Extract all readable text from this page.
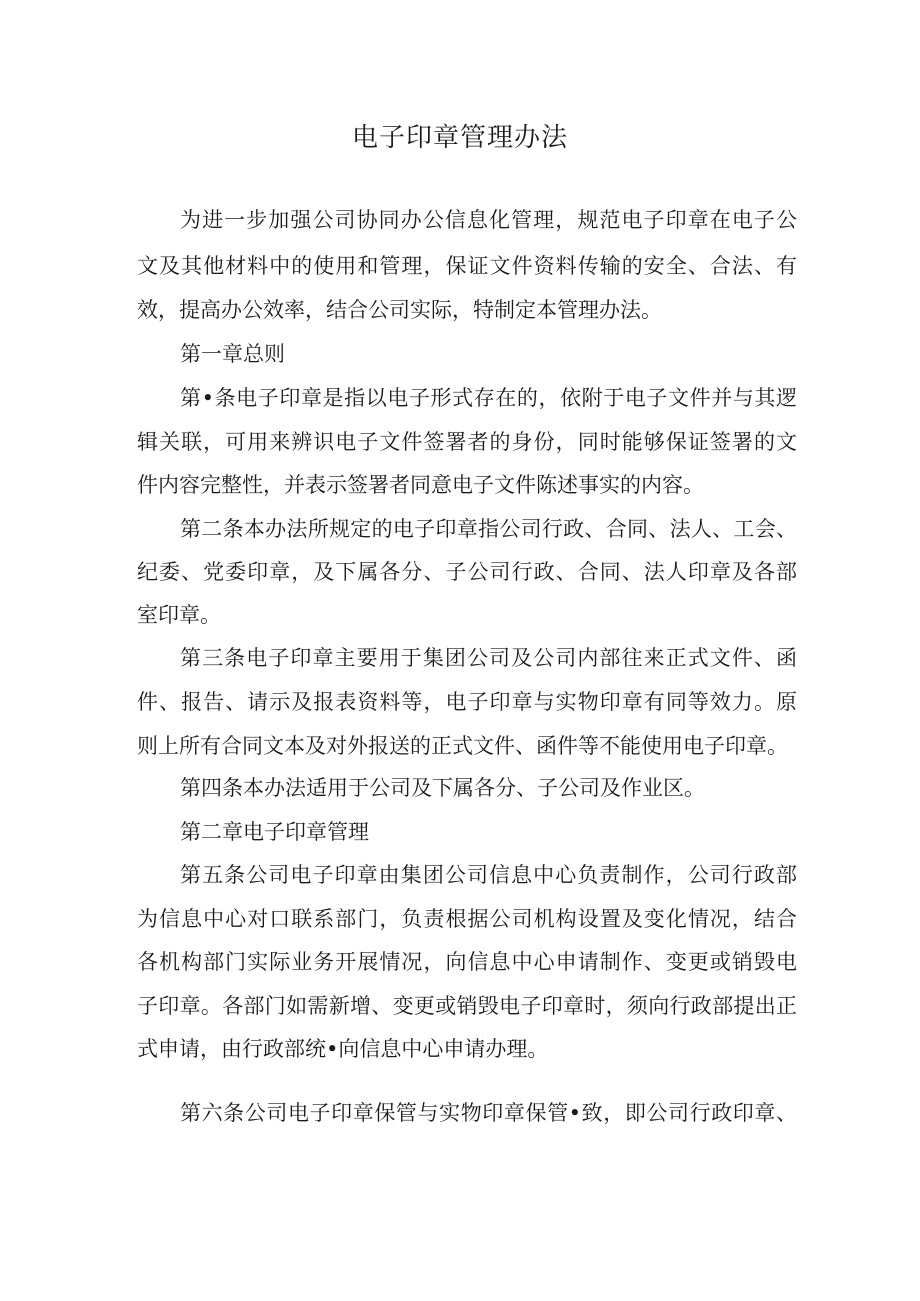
电子印章管理办法
为进一步加强公司协同办公信息化管理，规范电子印章在电子公
文及其他材料中的使用和管理，保证文件资料传输的安全、合法、有
效，提高办公效率，结合公司实际，特制定本管理办法。
第一章总则
第•条电子印章是指以电子形式存在的，依附于电子文件并与其逻
辑关联，可用来辨识电子文件签署者的身份，同时能够保证签署的文
件内容完整性，并表示签署者同意电子文件陈述事实的内容。
第二条本办法所规定的电子印章指公司行政、合同、法人、工会、
纪委、党委印章，及下属各分、子公司行政、合同、法人印章及各部
室印章。
第三条电子印章主要用于集团公司及公司内部往来正式文件、函
件、报告、请示及报表资料等，电子印章与实物印章有同等效力。原
则上所有合同文本及对外报送的正式文件、函件等不能使用电子印章。
第四条本办法适用于公司及下属各分、子公司及作业区。
第二章电子印章管理
第五条公司电子印章由集团公司信息中心负责制作，公司行政部
为信息中心对口联系部门，负责根据公司机构设置及变化情况，结合
各机构部门实际业务开展情况，向信息中心申请制作、变更或销毁电
子印章。各部门如需新增、变更或销毁电子印章时，须向行政部提出正
式申请，由行政部统•向信息中心申请办理。
第六条公司电子印章保管与实物印章保管•致，即公司行政印章、
